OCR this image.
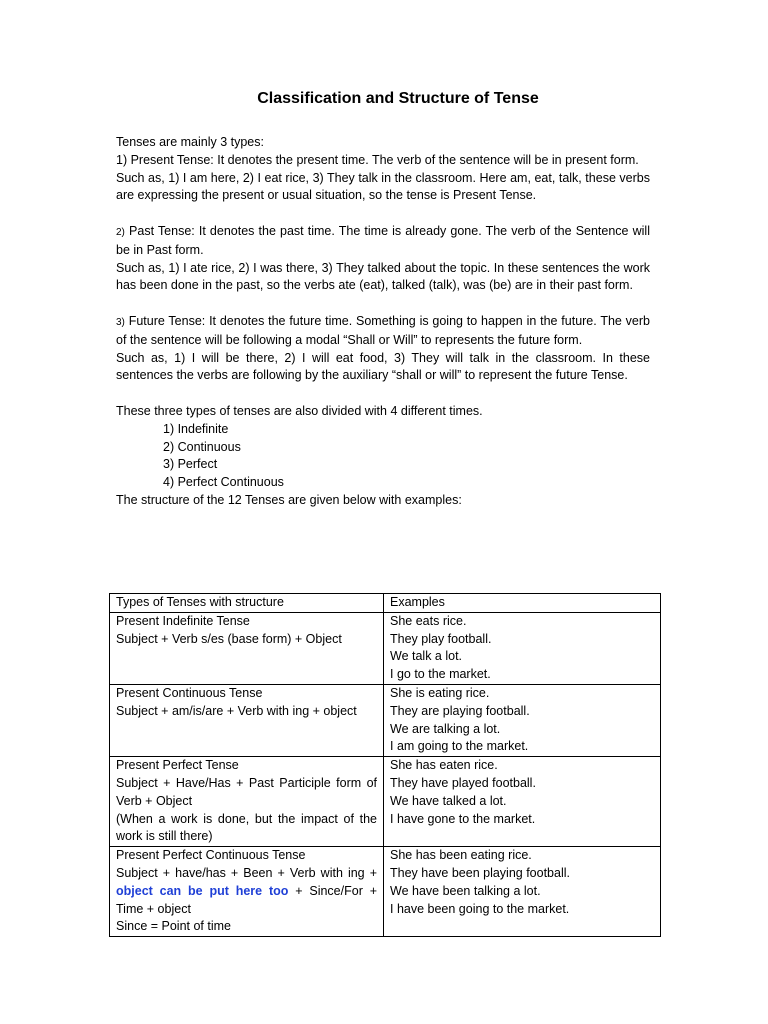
Classification and Structure of Tense

Tenses are mainly 3 types:

1) Present Tense: It denotes the present time. The verb of the sentence will be in present form.

Such as, 1) I am here, 2) I eat rice, 3) They talk in the classroom. Here am, eat, talk, these verbs are expressing the present or usual situation, so the tense is Present Tense.

2) Past Tense: It denotes the past time. The time is already gone. The verb of the Sentence will be in Past form.

Such as, 1) I ate rice, 2) I was there, 3) They talked about the topic. In these sentences the work has been done in the past, so the verbs ate (eat), talked (talk), was (be) are in their past form.

3) Future Tense: It denotes the future time. Something is going to happen in the future. The verb of the sentence will be following a modal “Shall or Will” to represents the future form.

Such as, 1) I will be there, 2) I will eat food, 3) They will talk in the classroom. In these sentences the verbs are following by the auxiliary “shall or will” to represent the future Tense.

These three types of tenses are also divided with 4 different times.

1) Indefinite
2) Continuous
3) Perfect
4) Perfect Continuous

The structure of the 12 Tenses are given below with examples:

Types of Tenses with structure	Examples

Present Indefinite Tense
Subject + Verb s/es (base form) + Object	She eats rice.
They play football.
We talk a lot.
I go to the market.

Present Continuous Tense
Subject + am/is/are + Verb with ing + object	She is eating rice.
They are playing football.
We are talking a lot.
I am going to the market.

Present Perfect Tense
Subject + Have/Has + Past Participle form of Verb + Object
(When a work is done, but the impact of the work is still there)	She has eaten rice.
They have played football.
We have talked a lot.
I have gone to the market.

Present Perfect Continuous Tense
Subject + have/has + Been + Verb with ing + object can be put here too + Since/For + Time + object
Since = Point of time	She has been eating rice.
They have been playing football.
We have been talking a lot.
I have been going to the market.
